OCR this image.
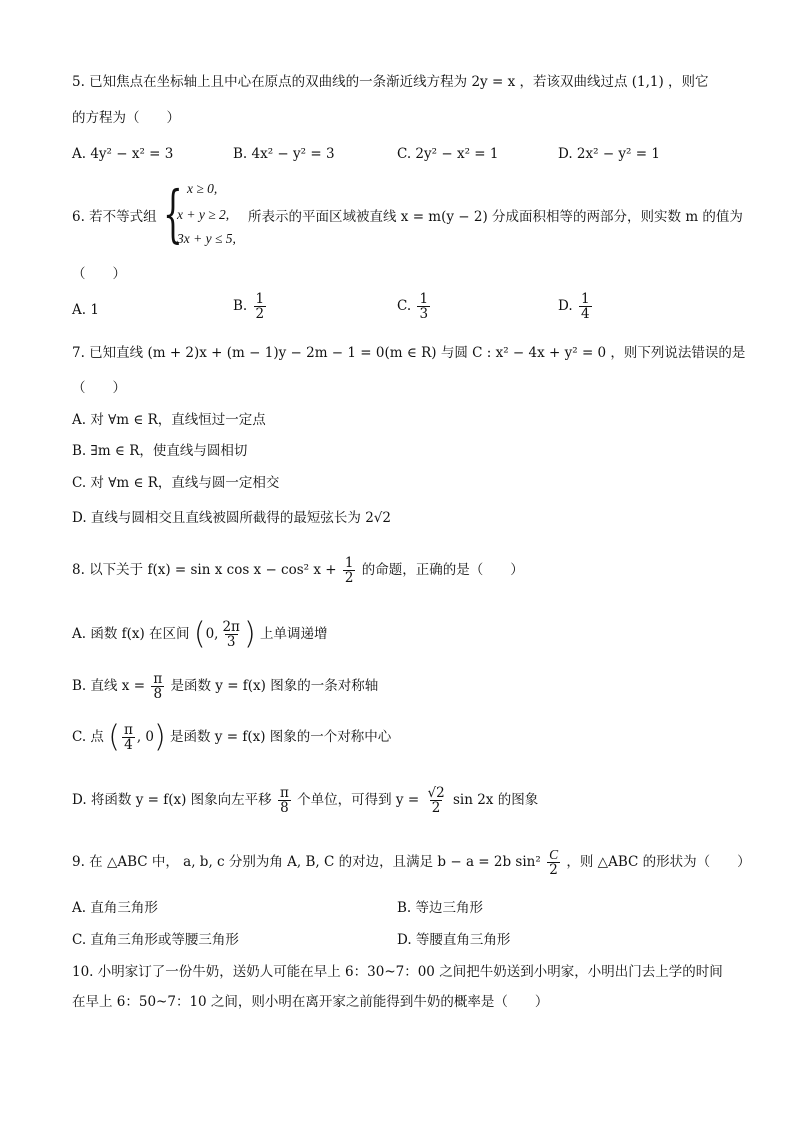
5. 已知焦点在坐标轴上且中心在原点的双曲线的一条渐近线方程为 2y = x ，若该双曲线过点 (1,1) ，则它
的方程为（　　）
A. 4y² − x² = 3	B. 4x² − y² = 3	C. 2y² − x² = 1	D. 2x² − y² = 1
6. 若不等式组 { x ≥ 0,
x + y ≥ 2,
3x + y ≤ 5,
所表示的平面区域被直线 x = m(y − 2) 分成面积相等的两部分，则实数 m 的值为
（　　）
A. 1	B. $\frac{1}{2}$	C. $\frac{1}{3}$	D. $\frac{1}{4}$
7. 已知直线 (m + 2)x + (m − 1)y − 2m − 1 = 0(m ∈ R) 与圆 C : x² − 4x + y² = 0 ，则下列说法错误的是
（　　）
A. 对 ∀m ∈ R，直线恒过一定点
B. ∃m ∈ R，使直线与圆相切
C. 对 ∀m ∈ R，直线与圆一定相交
D. 直线与圆相交且直线被圆所截得的最短弦长为 2√2
8. 以下关于 f(x) = sin x cos x − cos² $x + \frac{1}{2}$ 的命题，正确的是（　　）
A. 函数 f(x) 在区间 (0, $\frac{2\pi}{3}$ ) 上单调递增
B. 直线 $x = \frac{\pi}{8}$ 是函数 y = f(x) 图象的一条对称轴
C. 点 ( $\frac{\pi}{4}$ , 0) 是函数 y = f(x) 图象的一个对称中心
D. 将函数 y = f(x) 图象向左平移 $\frac{\pi}{8}$ 个单位，可得到 $y = \frac{√2}{2}$ sin 2x 的图象
9. 在 △ABC 中， a, b, c 分别为角 A, B, C 的对边，且满足 b − a = 2b $\sin^2 \frac{C}{2}$ ，则 △ABC 的形状为（　　）
A. 直角三角形	B. 等边三角形
C. 直角三角形或等腰三角形	D. 等腰直角三角形
10. 小明家订了一份牛奶，送奶人可能在早上 6：30~7：00 之间把牛奶送到小明家，小明出门去上学的时间
在早上 6：50~7：10 之间，则小明在离开家之前能得到牛奶的概率是（　　）
